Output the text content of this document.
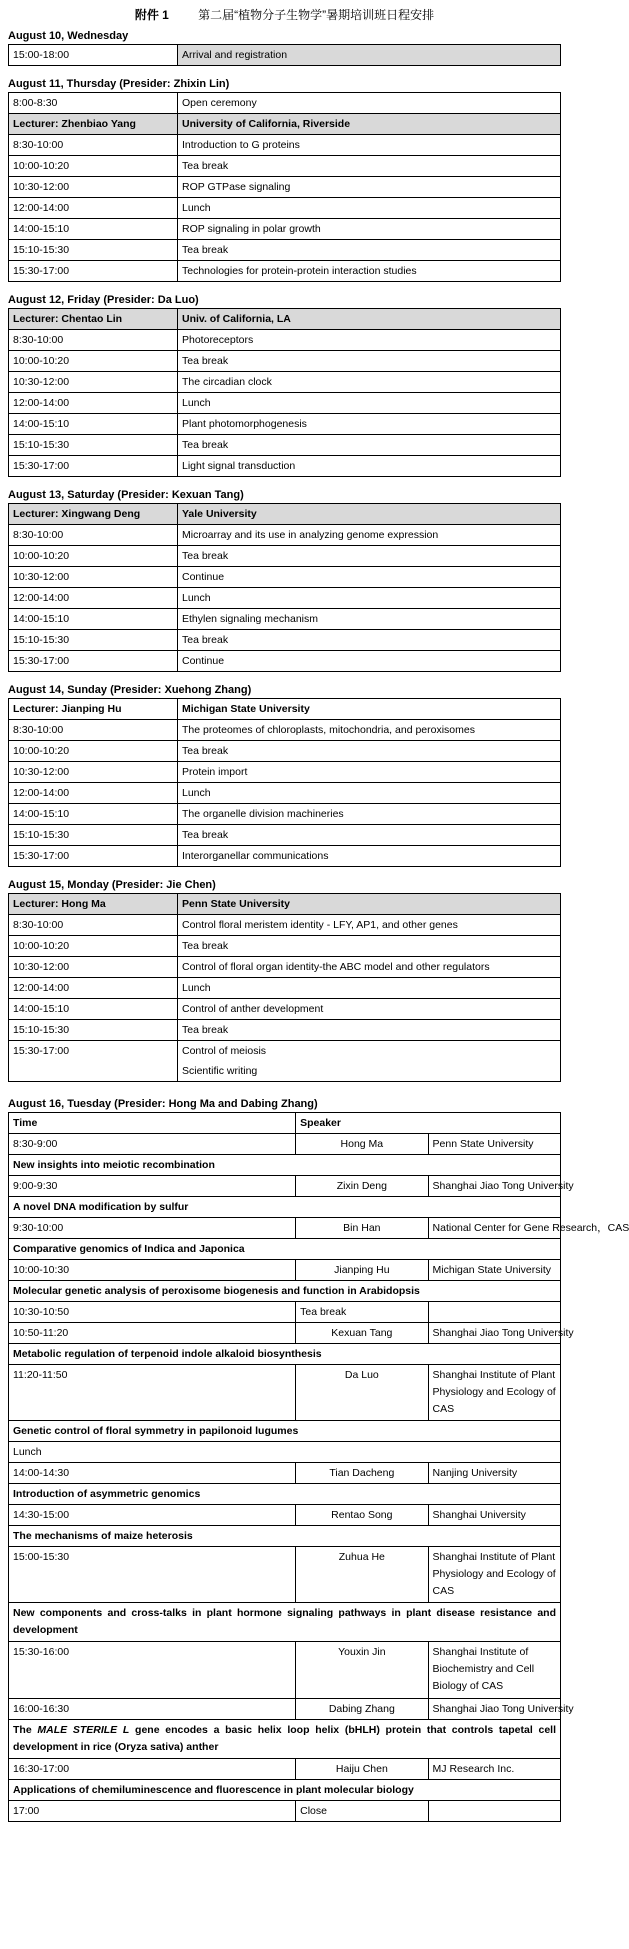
附件 1 第二届“植物分子生物学”暑期培训班日程安排
August 10, Wednesday
15:00-18:00	Arrival and registration
August 11, Thursday (Presider: Zhixin Lin)
8:00-8:30	Open ceremony
Lecturer: Zhenbiao Yang	University of California, Riverside
8:30-10:00	Introduction to G proteins
10:00-10:20	Tea break
10:30-12:00	ROP GTPase signaling
12:00-14:00	Lunch
14:00-15:10	ROP signaling in polar growth
15:10-15:30	Tea break
15:30-17:00	Technologies for protein-protein interaction studies
August 12, Friday (Presider: Da Luo)
Lecturer: Chentao Lin	Univ. of California, LA
8:30-10:00	Photoreceptors
10:00-10:20	Tea break
10:30-12:00	The circadian clock
12:00-14:00	Lunch
14:00-15:10	Plant photomorphogenesis
15:10-15:30	Tea break
15:30-17:00	Light signal transduction
August 13, Saturday (Presider: Kexuan Tang)
Lecturer: Xingwang Deng	Yale University
8:30-10:00	Microarray and its use in analyzing genome expression
10:00-10:20	Tea break
10:30-12:00	Continue
12:00-14:00	Lunch
14:00-15:10	Ethylen signaling mechanism
15:10-15:30	Tea break
15:30-17:00	Continue
August 14, Sunday (Presider: Xuehong Zhang)
Lecturer: Jianping Hu	Michigan State University
8:30-10:00	The proteomes of chloroplasts, mitochondria, and peroxisomes
10:00-10:20	Tea break
10:30-12:00	Protein import
12:00-14:00	Lunch
14:00-15:10	The organelle division machineries
15:10-15:30	Tea break
15:30-17:00	Interorganellar communications
August 15, Monday (Presider: Jie Chen)
Lecturer: Hong Ma	Penn State University
8:30-10:00	Control floral meristem identity - LFY, AP1, and other genes
10:00-10:20	Tea break
10:30-12:00	Control of floral organ identity-the ABC model and other regulators
12:00-14:00	Lunch
14:00-15:10	Control of anther development
15:10-15:30	Tea break
15:30-17:00	Control of meiosis
Scientific writing
August 16, Tuesday (Presider: Hong Ma and Dabing Zhang)
Time	Speaker	
8:30-9:00	Hong Ma	Penn State University
New insights into meiotic recombination		
9:00-9:30	Zixin Deng	Shanghai Jiao Tong University
A novel DNA modification by sulfur		
9:30-10:00	Bin Han	National Center for Gene Research，CAS
Comparative genomics of Indica and Japonica		
10:00-10:30	Jianping Hu	Michigan State University
Molecular genetic analysis of peroxisome biogenesis and function in Arabidopsis		
10:30-10:50	Tea break	
10:50-11:20	Kexuan Tang	Shanghai Jiao Tong University
Metabolic regulation of terpenoid indole alkaloid biosynthesis		
11:20-11:50	Da Luo	Shanghai Institute of Plant Physiology and Ecology of CAS
Genetic control of floral symmetry in papilonoid lugumes		
Lunch		
14:00-14:30	Tian Dacheng	Nanjing University
Introduction of asymmetric genomics		
14:30-15:00	Rentao Song	Shanghai University
The mechanisms of maize heterosis		
15:00-15:30	Zuhua He	Shanghai Institute of Plant Physiology and Ecology of CAS
New components and cross-talks in plant hormone signaling pathways in plant disease resistance and development		
15:30-16:00	Youxin Jin	Shanghai Institute of Biochemistry and Cell Biology of CAS
16:00-16:30	Dabing Zhang	Shanghai Jiao Tong University
The MALE STERILE L gene encodes a basic helix loop helix (bHLH) protein that controls tapetal cell development in rice (Oryza sativa) anther		
16:30-17:00	Haiju Chen	MJ Research Inc.
Applications of chemiluminescence and fluorescence in plant molecular biology		
17:00	Close	
